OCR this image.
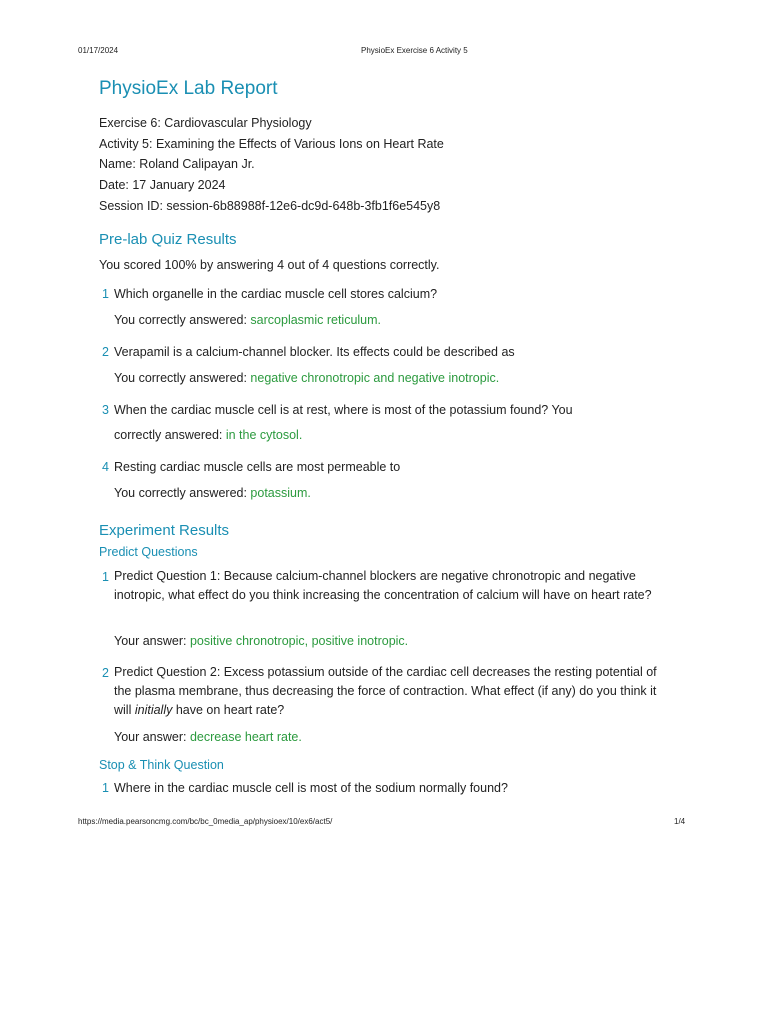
01/17/2024	PhysioEx Exercise 6 Activity 5
PhysioEx Lab Report
Exercise 6: Cardiovascular Physiology
Activity 5: Examining the Effects of Various Ions on Heart Rate
Name: Roland Calipayan Jr.
Date: 17 January 2024
Session ID: session-6b88988f-12e6-dc9d-648b-3fb1f6e545y8
Pre-lab Quiz Results
You scored 100% by answering 4 out of 4 questions correctly.
1 Which organelle in the cardiac muscle cell stores calcium?
You correctly answered: sarcoplasmic reticulum.
2 Verapamil is a calcium-channel blocker. Its effects could be described as
You correctly answered: negative chronotropic and negative inotropic.
3 When the cardiac muscle cell is at rest, where is most of the potassium found? You
correctly answered: in the cytosol.
4 Resting cardiac muscle cells are most permeable to
You correctly answered: potassium.
Experiment Results
Predict Questions
1 Predict Question 1: Because calcium-channel blockers are negative chronotropic and negative inotropic, what effect do you think increasing the concentration of calcium will have on heart rate?
Your answer: positive chronotropic, positive inotropic.
2 Predict Question 2: Excess potassium outside of the cardiac cell decreases the resting potential of the plasma membrane, thus decreasing the force of contraction. What effect (if any) do you think it will initially have on heart rate?
Your answer: decrease heart rate.
Stop & Think Question
1 Where in the cardiac muscle cell is most of the sodium normally found?
https://media.pearsoncmg.com/bc/bc_0media_ap/physioex/10/ex6/act5/	1/4
